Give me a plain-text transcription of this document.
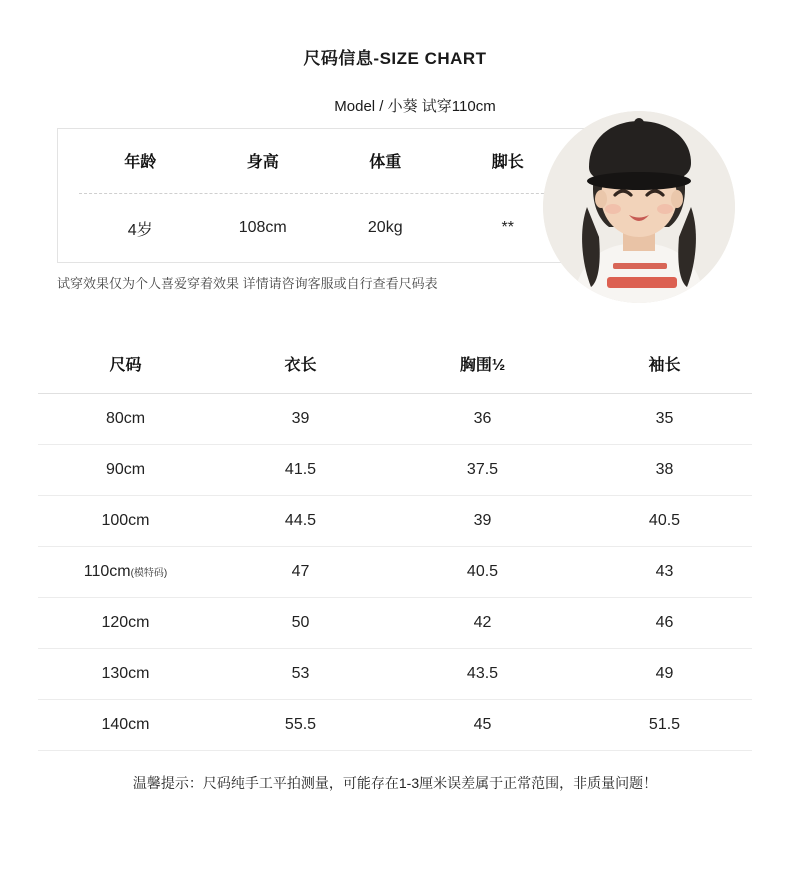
尺码信息-SIZE CHART
Model / 小葵 试穿110cm
年龄	身高	体重	脚长
4岁	108cm	20kg	**
试穿效果仅为个人喜爱穿着效果 详情请咨询客服或自行查看尺码表
尺码	衣长	胸围½	袖长
80cm	39	36	35
90cm	41.5	37.5	38
100cm	44.5	39	40.5
110cm(模特码)	47	40.5	43
120cm	50	42	46
130cm	53	43.5	49
140cm	55.5	45	51.5
温馨提示：尺码纯手工平拍测量，可能存在1-3厘米误差属于正常范围，非质量问题！
